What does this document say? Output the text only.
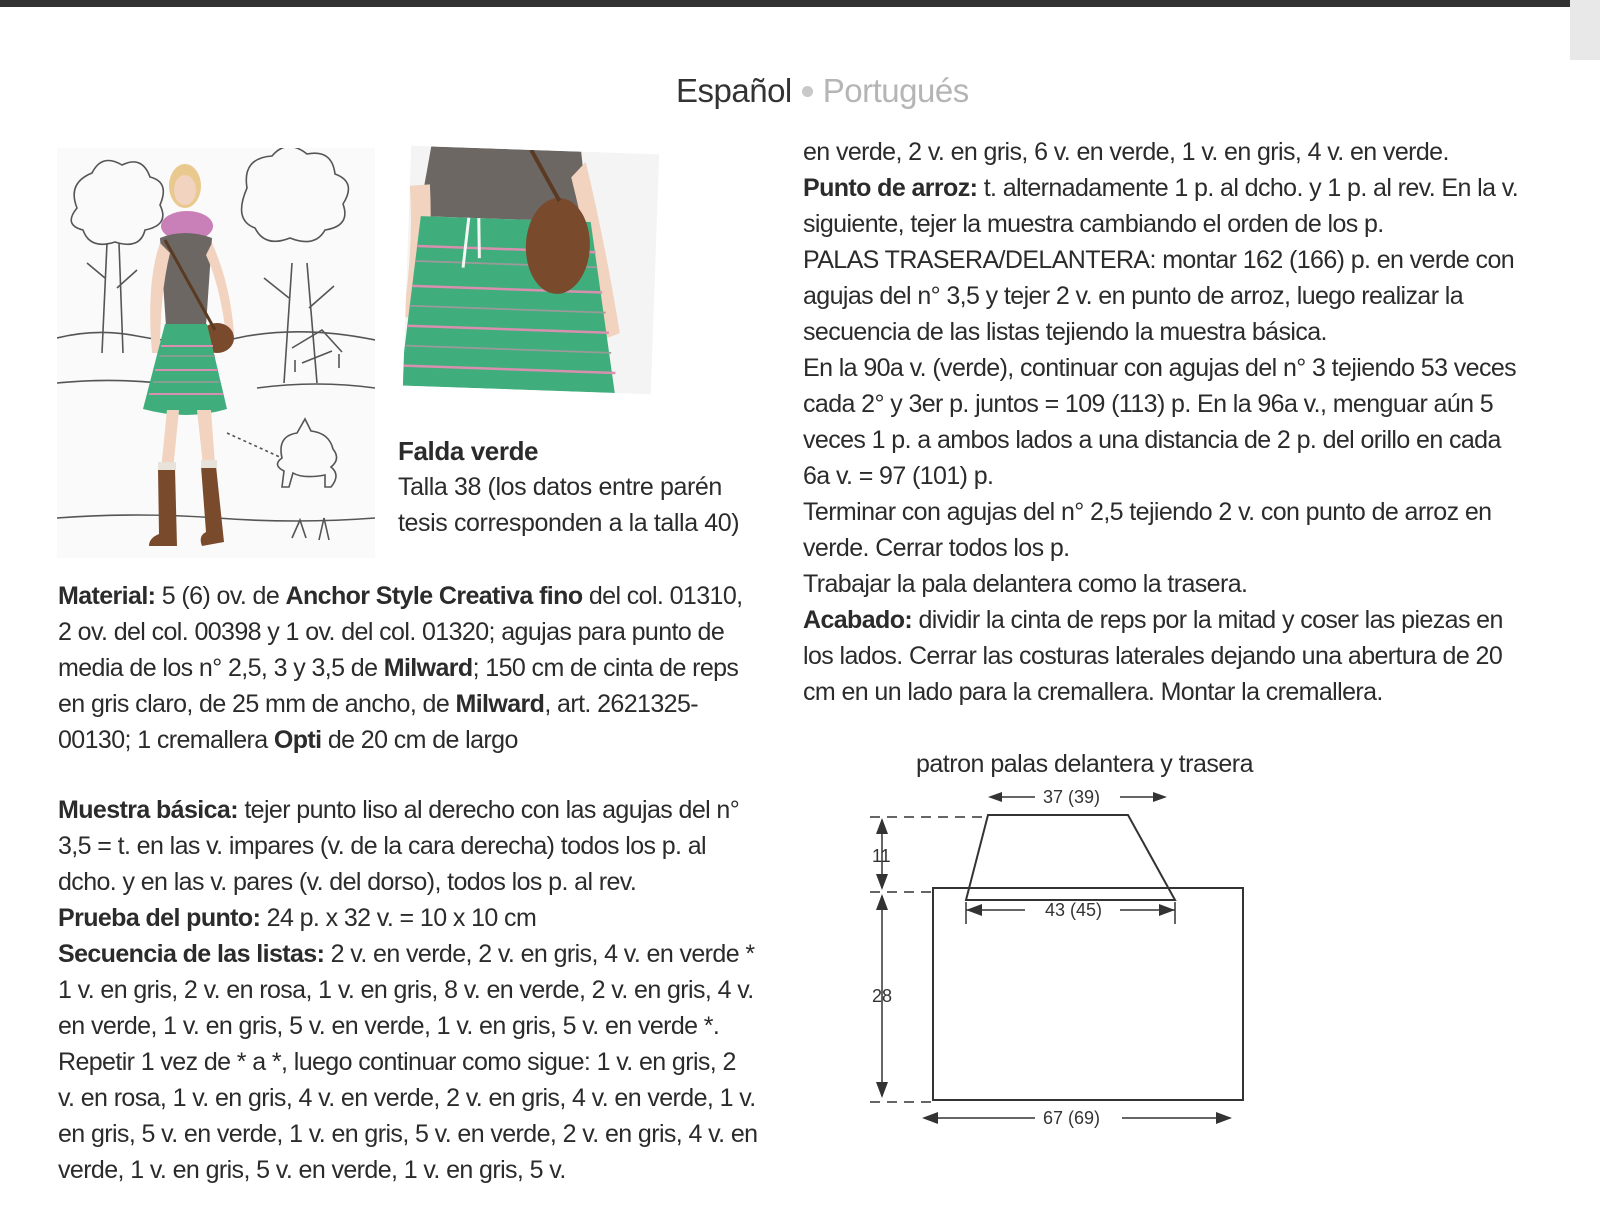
Español Portugués
Falda verde
Talla 38 (los datos entre parén
tesis corresponden a la talla 40)

Material: 5 (6) ov. de Anchor Style Creativa fino del col. 01310, 2 ov. del col. 00398 y 1 ov. del col. 01320; agujas para punto de media de los n° 2,5, 3 y 3,5 de Milward; 150 cm de cinta de reps en gris claro, de 25 mm de ancho, de Milward, art. 2621325-00130; 1 cremallera Opti de 20 cm de largo

Muestra básica: tejer punto liso al derecho con las agujas del n° 3,5 = t. en las v. impares (v. de la cara derecha) todos los p. al dcho. y en las v. pares (v. del dorso), todos los p. al rev.

Prueba del punto: 24 p. x 32 v. = 10 x 10 cm

Secuencia de las listas: 2 v. en verde, 2 v. en gris, 4 v. en verde * 1 v. en gris, 2 v. en rosa, 1 v. en gris, 8 v. en verde, 2 v. en gris, 4 v. en verde, 1 v. en gris, 5 v. en verde, 1 v. en gris, 5 v. en verde *. Repetir 1 vez de * a *, luego continuar como sigue: 1 v. en gris, 2 v. en rosa, 1 v. en gris, 4 v. en verde, 2 v. en gris, 4 v. en verde, 1 v. en gris, 5 v. en verde, 1 v. en gris, 5 v. en verde, 2 v. en gris, 4 v. en verde, 1 v. en gris, 5 v. en verde, 1 v. en gris, 5 v.

en verde, 2 v. en gris, 6 v. en verde, 1 v. en gris, 4 v. en verde.

Punto de arroz: t. alternadamente 1 p. al dcho. y 1 p. al rev. En la v. siguiente, tejer la muestra cambiando el orden de los p.

PALAS TRASERA/DELANTERA: montar 162 (166) p. en verde con agujas del n° 3,5 y tejer 2 v. en punto de arroz, luego realizar la secuencia de las listas tejiendo la muestra básica.

En la 90a v. (verde), continuar con agujas del n° 3 tejiendo 53 veces cada 2° y 3er p. juntos = 109 (113) p. En la 96a v., menguar aún 5 veces 1 p. a ambos lados a una distancia de 2 p. del orillo en cada 6a v. = 97 (101) p.

Terminar con agujas del n° 2,5 tejiendo 2 v. con punto de arroz en verde. Cerrar todos los p.

Trabajar la pala delantera como la trasera.

Acabado: dividir la cinta de reps por la mitad y coser las piezas en los lados. Cerrar las costuras laterales dejando una abertura de 20 cm en un lado para la cremallera. Montar la cremallera.

patron palas delantera y trasera
37 (39)
43 (45)
67 (69)
11
28
